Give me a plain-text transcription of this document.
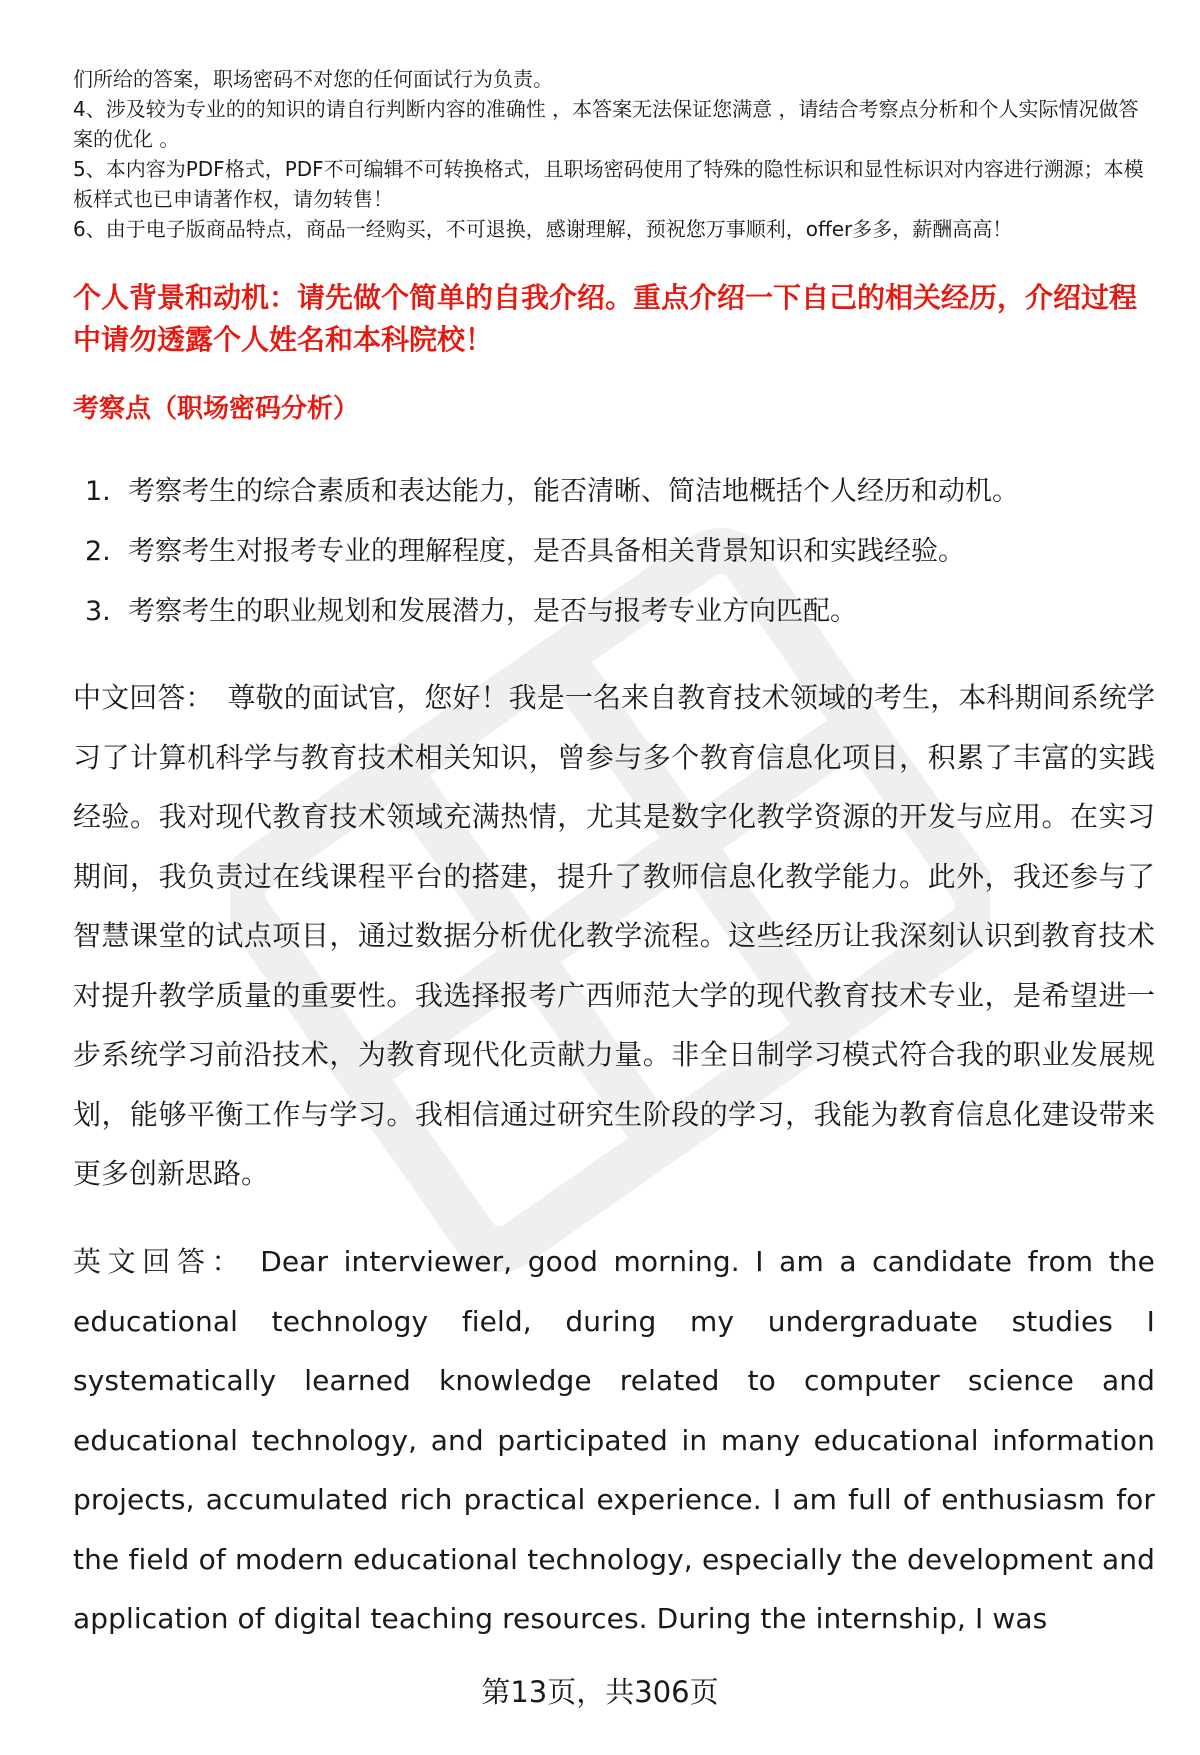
们所给的答案，职场密码不对您的任何面试行为负责。

4、涉及较为专业的的知识的请自行判断内容的准确性 ，本答案无法保证您满意 ，请结合考察点分析和个人实际情况做答案的优化 。

5、本内容为PDF格式，PDF不可编辑不可转换格式，且职场密码使用了特殊的隐性标识和显性标识对内容进行溯源；本模板样式也已申请著作权，请勿转售！

6、由于电子版商品特点，商品一经购买，不可退换，感谢理解，预祝您万事顺利，offer多多，薪酬高高！

个人背景和动机：请先做个简单的自我介绍。重点介绍一下自己的相关经历，介绍过程中请勿透露个人姓名和本科院校！
考察点（职场密码分析）
1. 考察考生的综合素质和表达能力，能否清晰、简洁地概括个人经历和动机。
2. 考察考生对报考专业的理解程度，是否具备相关背景知识和实践经验。
3. 考察考生的职业规划和发展潜力，是否与报考专业方向匹配。

中文回答： 尊敬的面试官，您好！我是一名来自教育技术领域的考生，本科期间系统学习了计算机科学与教育技术相关知识，曾参与多个教育信息化项目，积累了丰富的实践经验。我对现代教育技术领域充满热情，尤其是数字化教学资源的开发与应用。在实习期间，我负责过在线课程平台的搭建，提升了教师信息化教学能力。此外，我还参与了智慧课堂的试点项目，通过数据分析优化教学流程。这些经历让我深刻认识到教育技术对提升教学质量的重要性。我选择报考广西师范大学的现代教育技术专业，是希望进一步系统学习前沿技术，为教育现代化贡献力量。非全日制学习模式符合我的职业发展规划，能够平衡工作与学习。我相信通过研究生阶段的学习，我能为教育信息化建设带来更多创新思路。

英文回答： Dear interviewer, good morning. I am a candidate from the educational technology field, during my undergraduate studies I systematically learned knowledge related to computer science and educational technology, and participated in many educational information projects, accumulated rich practical experience. I am full of enthusiasm for the field of modern educational technology, especially the development and application of digital teaching resources. During the internship, I was

第13页，共306页
